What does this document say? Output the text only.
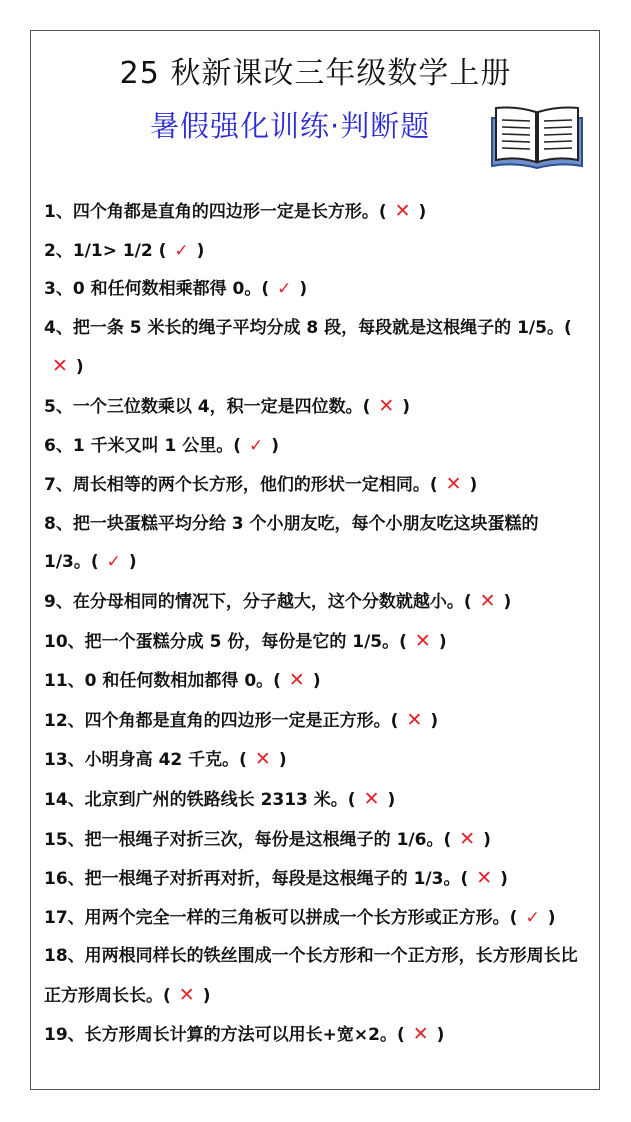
25 秋新课改三年级数学上册
暑假强化训练·判断题
1、四个角都是直角的四边形一定是长方形。( ✕ )
2、1/1> 1/2 ( ✓ )
3、0 和任何数相乘都得 0。( ✓ )
4、把一条 5 米长的绳子平均分成 8 段，每段就是这根绳子的 1/5。(✕ )
5、一个三位数乘以 4，积一定是四位数。( ✕ )
6、1 千米又叫 1 公里。( ✓ )
7、周长相等的两个长方形，他们的形状一定相同。( ✕ )
8、把一块蛋糕平均分给 3 个小朋友吃，每个小朋友吃这块蛋糕的 1/3。( ✓ )
9、在分母相同的情况下，分子越大，这个分数就越小。( ✕ )
10、把一个蛋糕分成 5 份，每份是它的 1/5。( ✕ )
11、0 和任何数相加都得 0。( ✕ )
12、四个角都是直角的四边形一定是正方形。( ✕ )
13、小明身高 42 千克。( ✕ )
14、北京到广州的铁路线长 2313 米。( ✕ )
15、把一根绳子对折三次，每份是这根绳子的 1/6。( ✕ )
16、把一根绳子对折再对折，每段是这根绳子的 1/3。( ✕ )
17、用两个完全一样的三角板可以拼成一个长方形或正方形。( ✓ )
18、用两根同样长的铁丝围成一个长方形和一个正方形，长方形周长比正方形周长长。( ✕ )
19、长方形周长计算的方法可以用长+宽×2。( ✕ )
